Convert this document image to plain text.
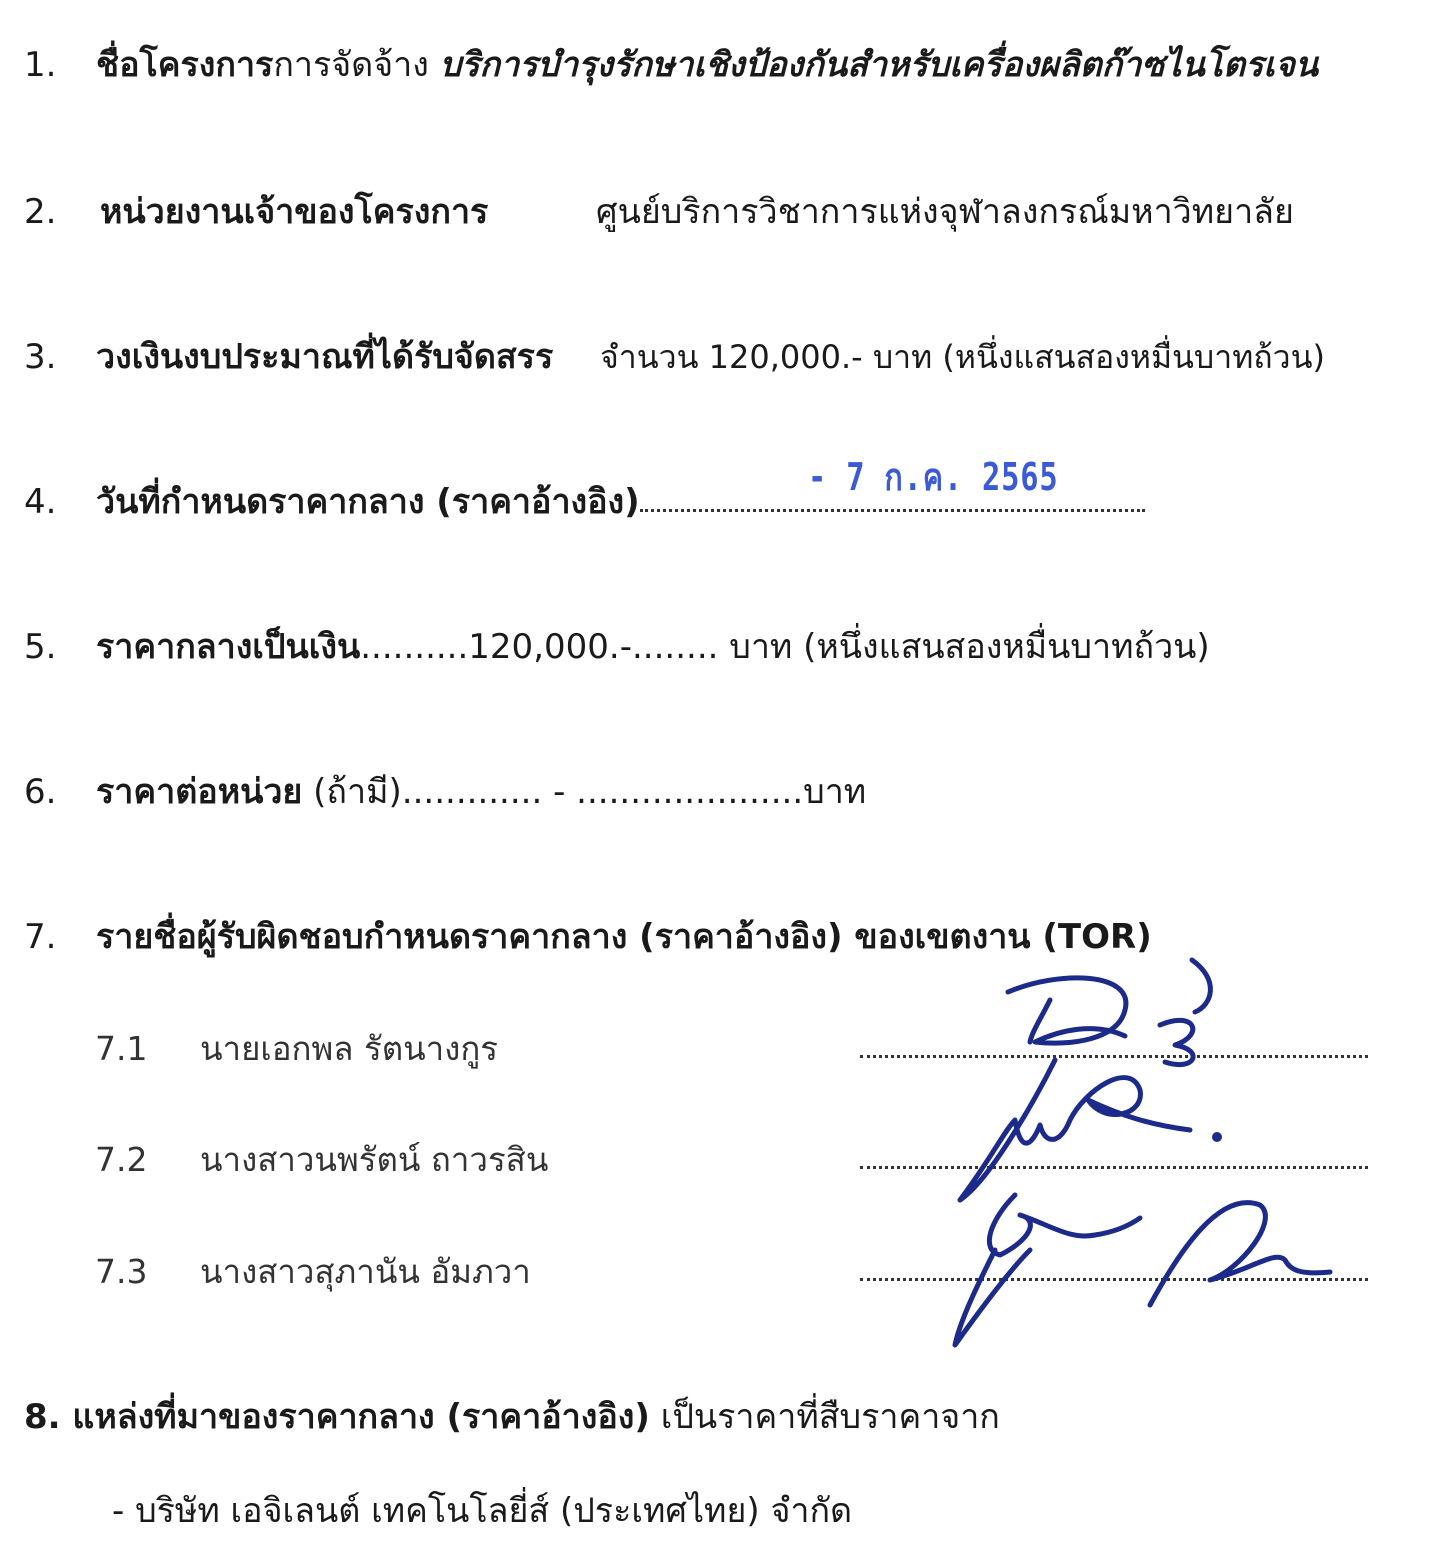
1. ชื่อโครงการการจัดจ้าง บริการบำรุงรักษาเชิงป้องกันสำหรับเครื่องผลิตก๊าซไนโตรเจน
2. หน่วยงานเจ้าของโครงการ	ศูนย์บริการวิชาการแห่งจุฬาลงกรณ์มหาวิทยาลัย
3. วงเงินงบประมาณที่ได้รับจัดสรร จำนวน 120,000.- บาท (หนึ่งแสนสองหมื่นบาทถ้วน)
4. วันที่กำหนดราคากลาง (ราคาอ้างอิง)
- 7 ก.ค. 2565
5. ราคากลางเป็นเงิน..........120,000.-........ บาท (หนึ่งแสนสองหมื่นบาทถ้วน)
6. ราคาต่อหน่วย (ถ้ามี)............. - .....................บาท
7. รายชื่อผู้รับผิดชอบกำหนดราคากลาง (ราคาอ้างอิง) ของเขตงาน (TOR)
7.1 นายเอกพล รัตนางกูร
7.2 นางสาวนพรัตน์ ถาวรสิน
7.3 นางสาวสุภานัน อัมภวา
8. แหล่งที่มาของราคากลาง (ราคาอ้างอิง) เป็นราคาที่สืบราคาจาก
- บริษัท เอจิเลนต์ เทคโนโลยี่ส์ (ประเทศไทย) จำกัด
